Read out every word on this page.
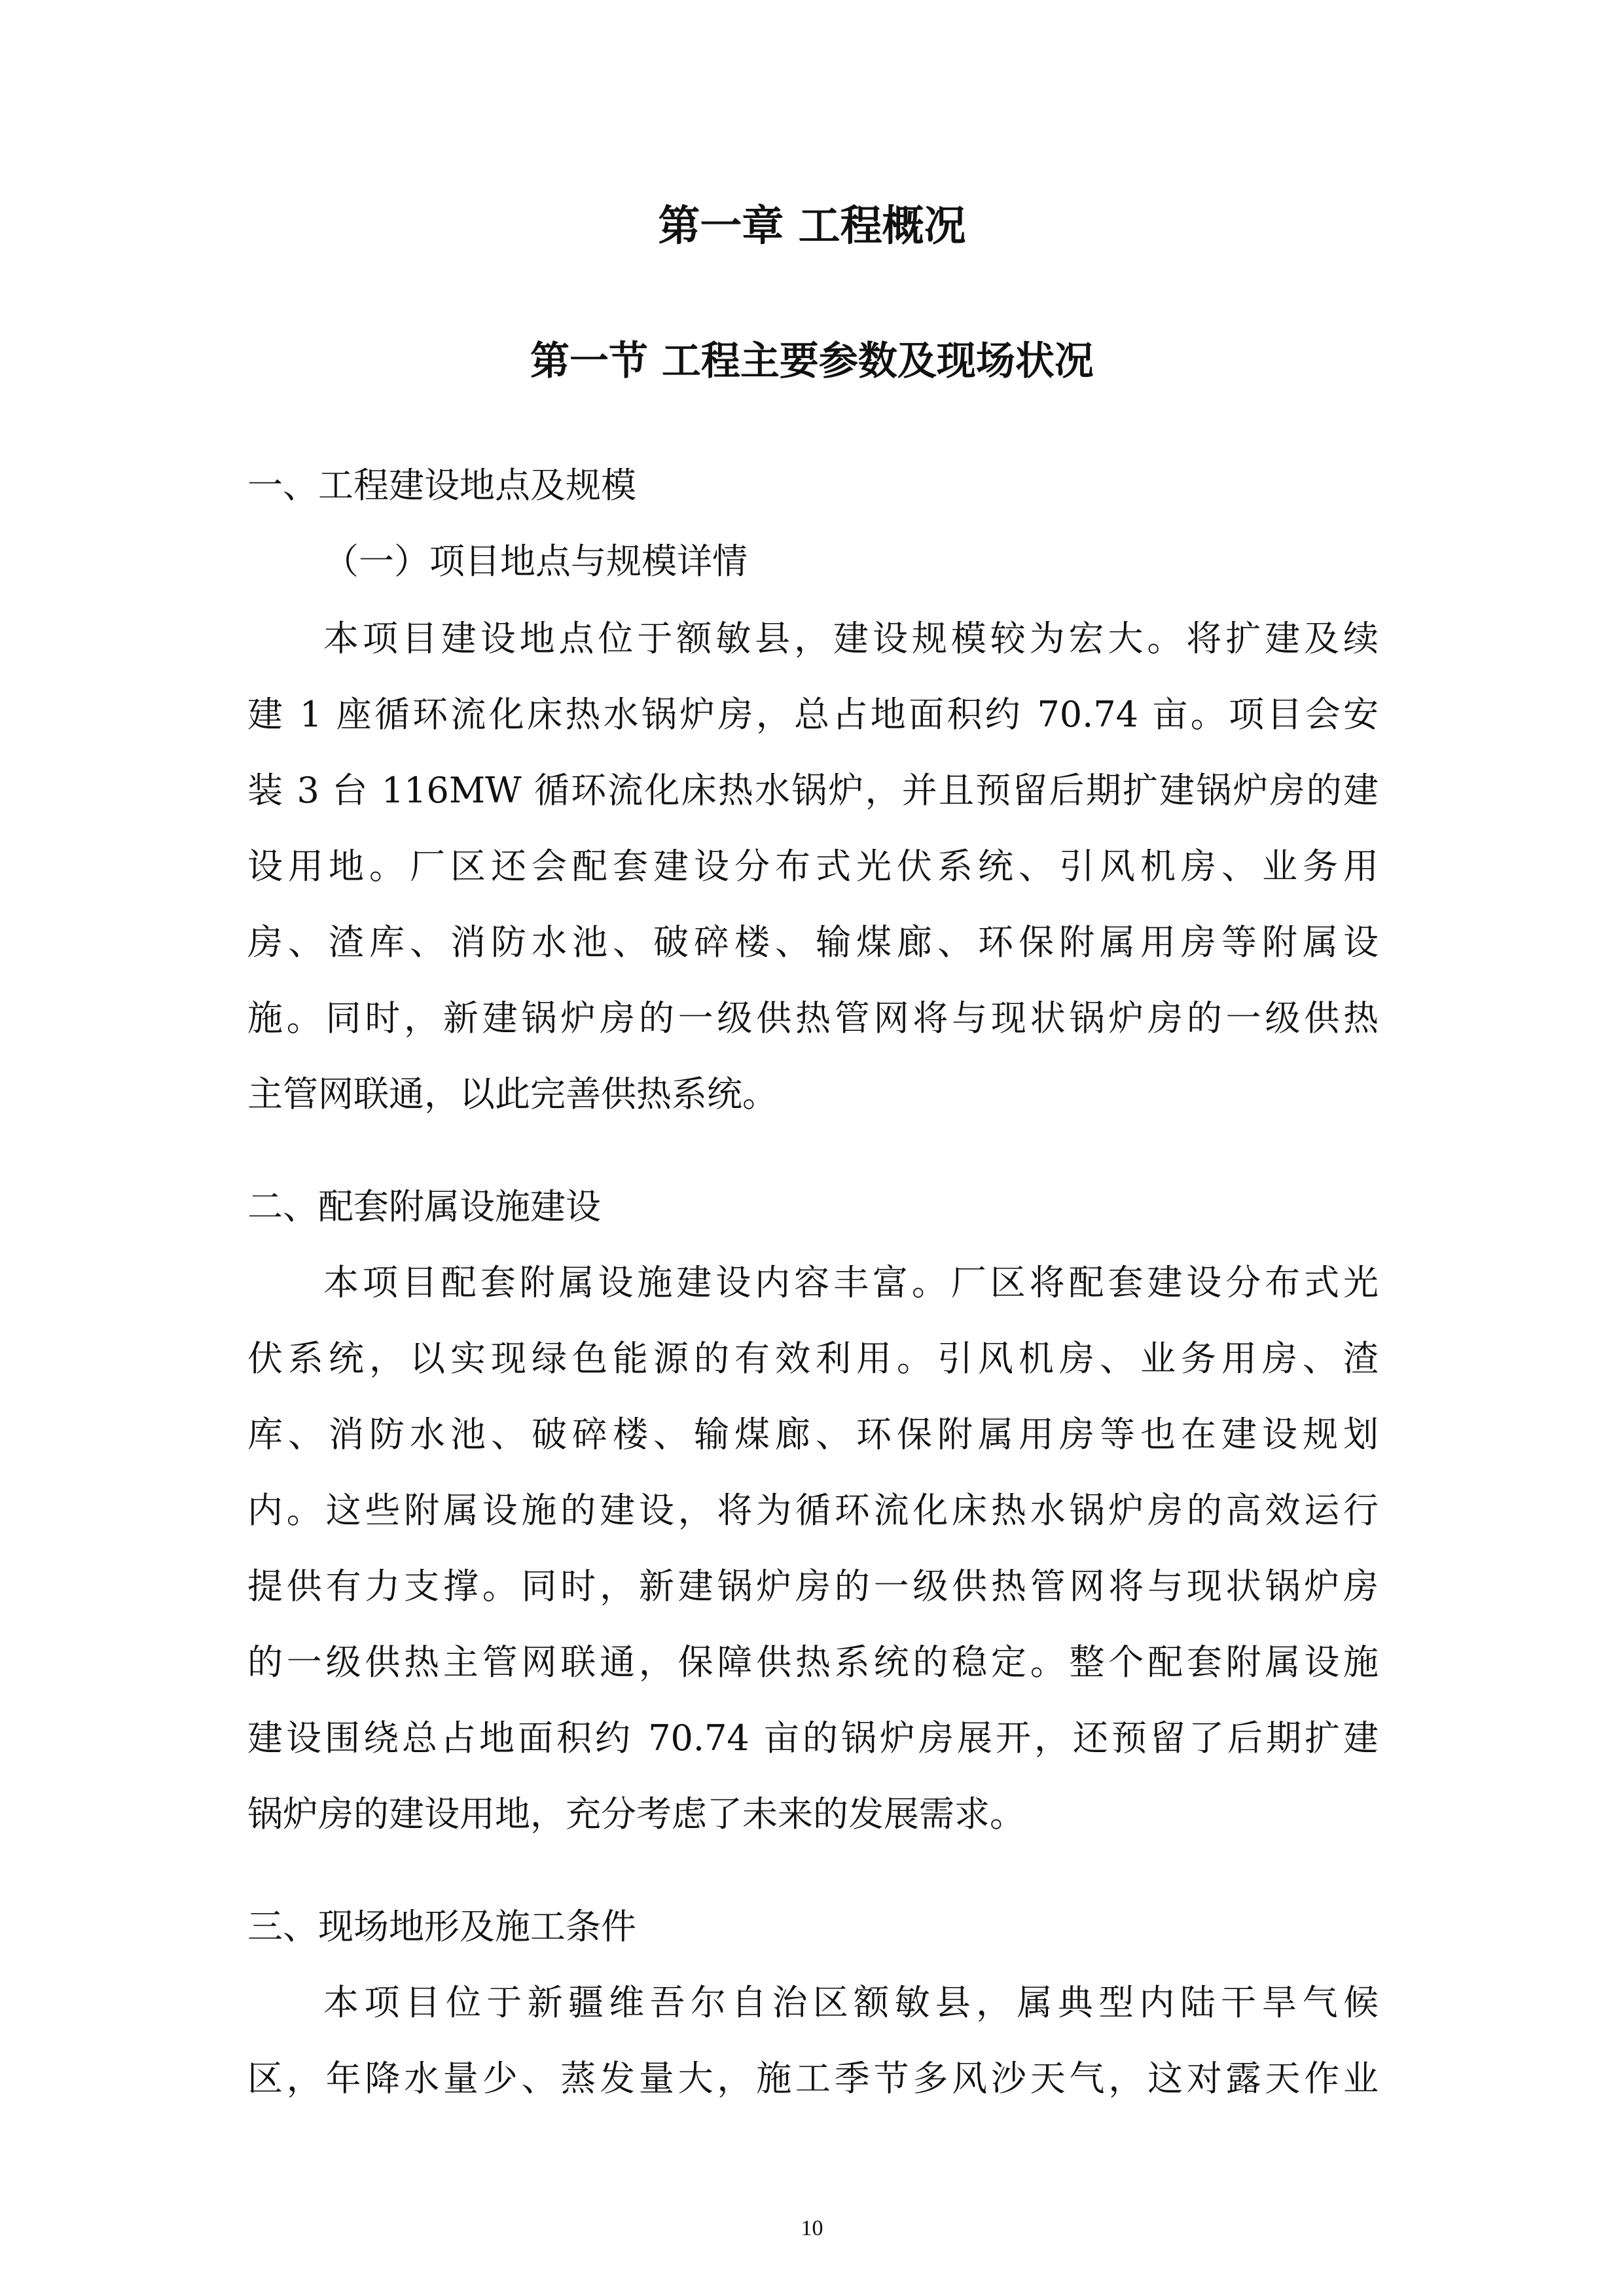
第一章 工程概况
第一节 工程主要参数及现场状况
一、工程建设地点及规模
（一）项目地点与规模详情
本项目建设地点位于额敏县，建设规模较为宏大。将扩建及续
建 1 座循环流化床热水锅炉房，总占地面积约 70.74 亩。项目会安
装 3 台 116MW 循环流化床热水锅炉，并且预留后期扩建锅炉房的建
设用地。厂区还会配套建设分布式光伏系统、引风机房、业务用
房、渣库、消防水池、破碎楼、输煤廊、环保附属用房等附属设
施。同时，新建锅炉房的一级供热管网将与现状锅炉房的一级供热
主管网联通，以此完善供热系统。
二、配套附属设施建设
本项目配套附属设施建设内容丰富。厂区将配套建设分布式光
伏系统，以实现绿色能源的有效利用。引风机房、业务用房、渣
库、消防水池、破碎楼、输煤廊、环保附属用房等也在建设规划
内。这些附属设施的建设，将为循环流化床热水锅炉房的高效运行
提供有力支撑。同时，新建锅炉房的一级供热管网将与现状锅炉房
的一级供热主管网联通，保障供热系统的稳定。整个配套附属设施
建设围绕总占地面积约 70.74 亩的锅炉房展开，还预留了后期扩建
锅炉房的建设用地，充分考虑了未来的发展需求。
三、现场地形及施工条件
本项目位于新疆维吾尔自治区额敏县，属典型内陆干旱气候
区，年降水量少、蒸发量大，施工季节多风沙天气，这对露天作业
10
